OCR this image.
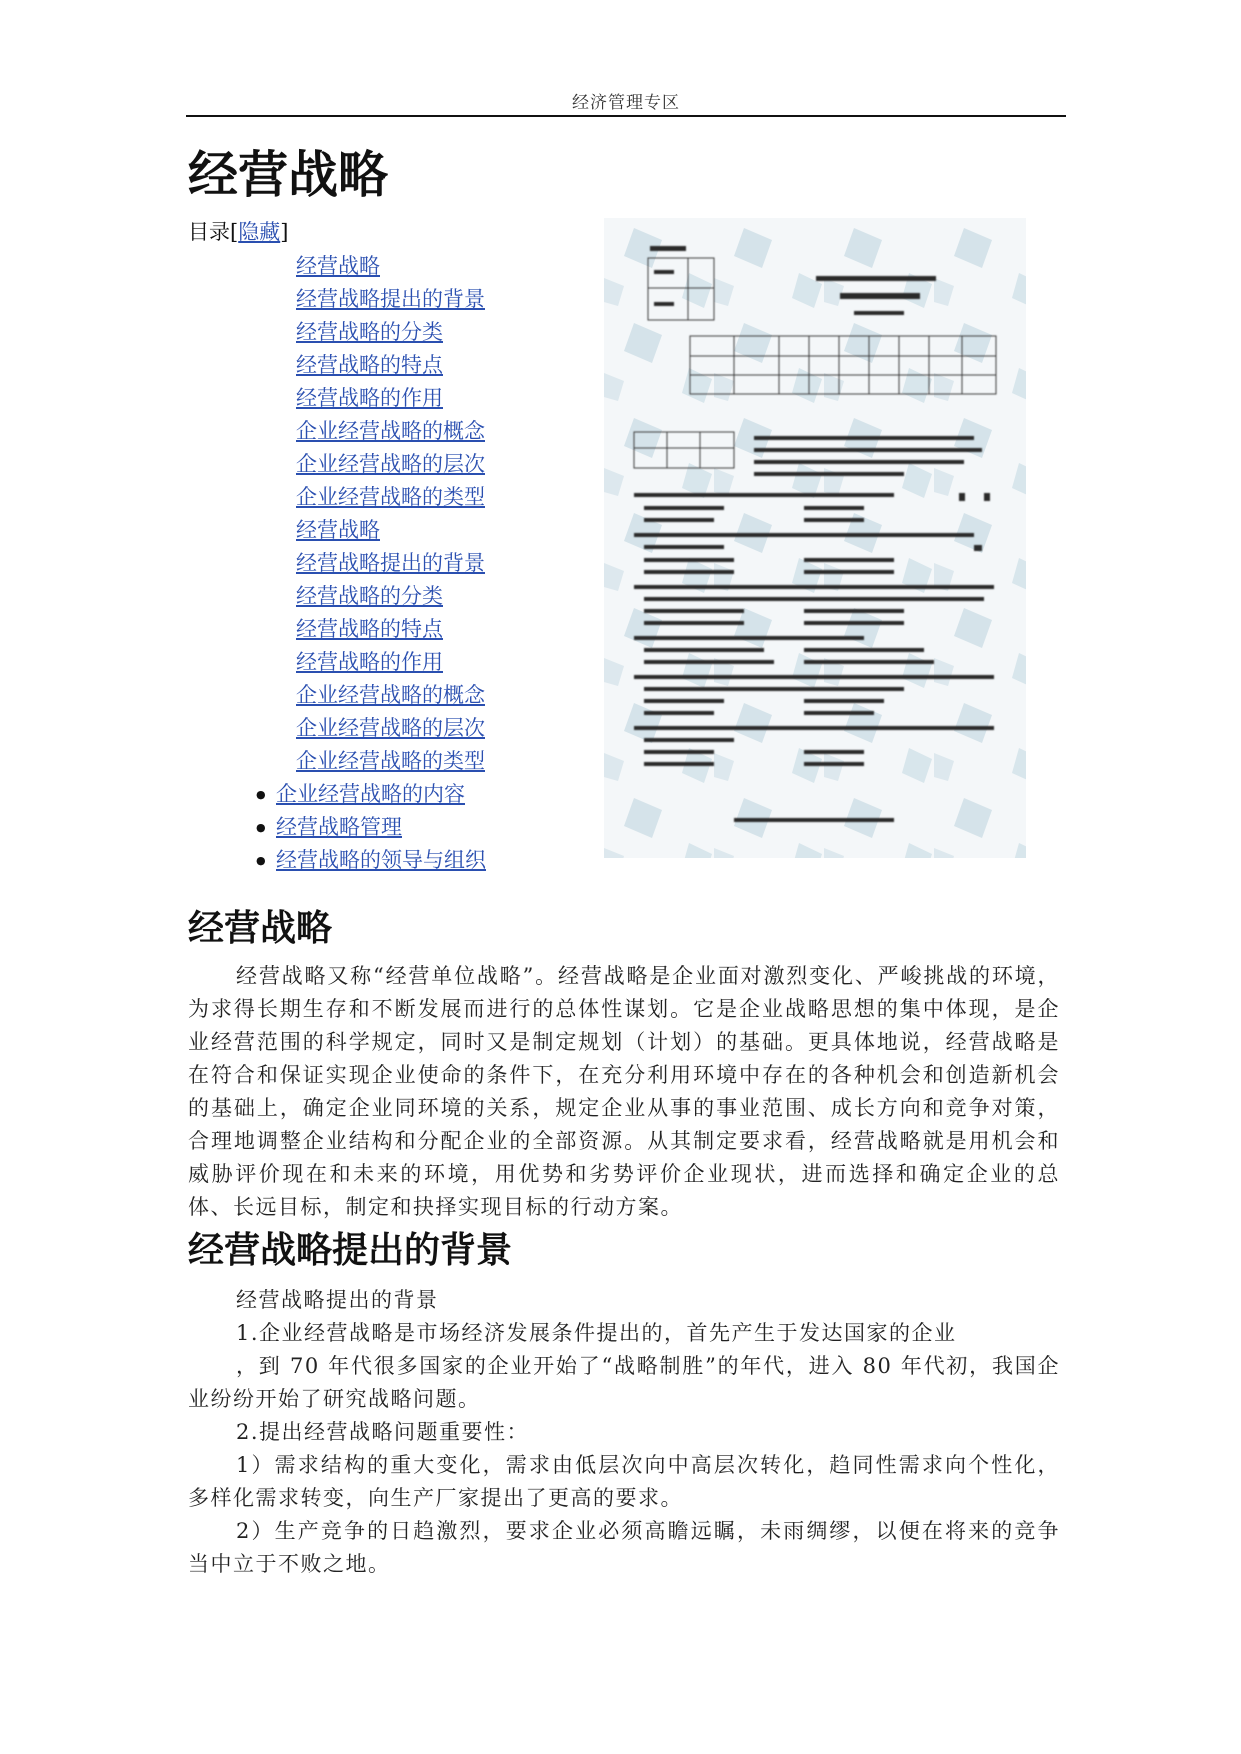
经济管理专区
经营战略
目录[隐藏]
经营战略
经营战略提出的背景
经营战略的分类
经营战略的特点
经营战略的作用
企业经营战略的概念
企业经营战略的层次
企业经营战略的类型
经营战略
经营战略提出的背景
经营战略的分类
经营战略的特点
经营战略的作用
企业经营战略的概念
企业经营战略的层次
企业经营战略的类型
● 企业经营战略的内容
● 经营战略管理
● 经营战略的领导与组织
经营战略

经营战略又称“经营单位战略”。经营战略是企业面对激烈变化、严峻挑战的环境，为求得长期生存和不断发展而进行的总体性谋划。它是企业战略思想的集中体现，是企业经营范围的科学规定，同时又是制定规划（计划）的基础。更具体地说，经营战略是在符合和保证实现企业使命的条件下，在充分利用环境中存在的各种机会和创造新机会的基础上，确定企业同环境的关系，规定企业从事的事业范围、成长方向和竞争对策，合理地调整企业结构和分配企业的全部资源。从其制定要求看，经营战略就是用机会和威胁评价现在和未来的环境，用优势和劣势评价企业现状，进而选择和确定企业的总体、长远目标，制定和抉择实现目标的行动方案。

经营战略提出的背景

经营战略提出的背景

1.企业经营战略是市场经济发展条件提出的，首先产生于发达国家的企业

，到 70 年代很多国家的企业开始了“战略制胜”的年代，进入 80 年代初，我国企业纷纷开始了研究战略问题。

2.提出经营战略问题重要性：

1）需求结构的重大变化，需求由低层次向中高层次转化，趋同性需求向个性化，多样化需求转变，向生产厂家提出了更高的要求。

2）生产竞争的日趋激烈，要求企业必须高瞻远瞩，未雨绸缪，以便在将来的竞争当中立于不败之地。
